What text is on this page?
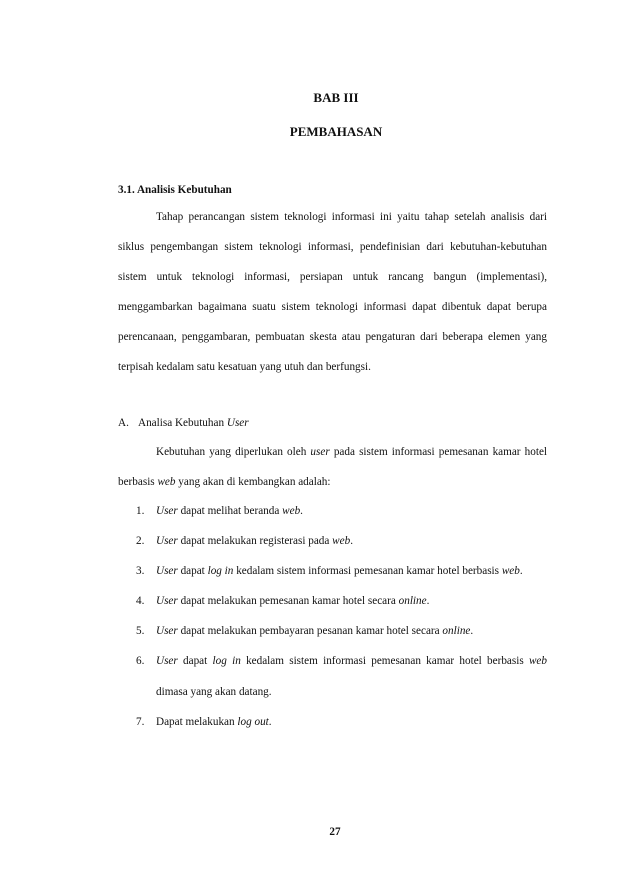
BAB III
PEMBAHASAN
3.1. Analisis Kebutuhan

Tahap perancangan sistem teknologi informasi ini yaitu tahap setelah analisis dari siklus pengembangan sistem teknologi informasi, pendefinisian dari kebutuhan-kebutuhan sistem untuk teknologi informasi, persiapan untuk rancang bangun (implementasi), menggambarkan bagaimana suatu sistem teknologi informasi dapat dibentuk dapat berupa perencanaan, penggambaran, pembuatan skesta atau pengaturan dari beberapa elemen yang terpisah kedalam satu kesatuan yang utuh dan berfungsi.

A. Analisa Kebutuhan User

Kebutuhan yang diperlukan oleh user pada sistem informasi pemesanan kamar hotel berbasis web yang akan di kembangkan adalah:

1. User dapat melihat beranda web.
2. User dapat melakukan registerasi pada web.
3. User dapat log in kedalam sistem informasi pemesanan kamar hotel berbasis web.
4. User dapat melakukan pemesanan kamar hotel secara online.
5. User dapat melakukan pembayaran pesanan kamar hotel secara online.
6. User dapat log in kedalam sistem informasi pemesanan kamar hotel berbasis web dimasa yang akan datang.
7. Dapat melakukan log out.
27
